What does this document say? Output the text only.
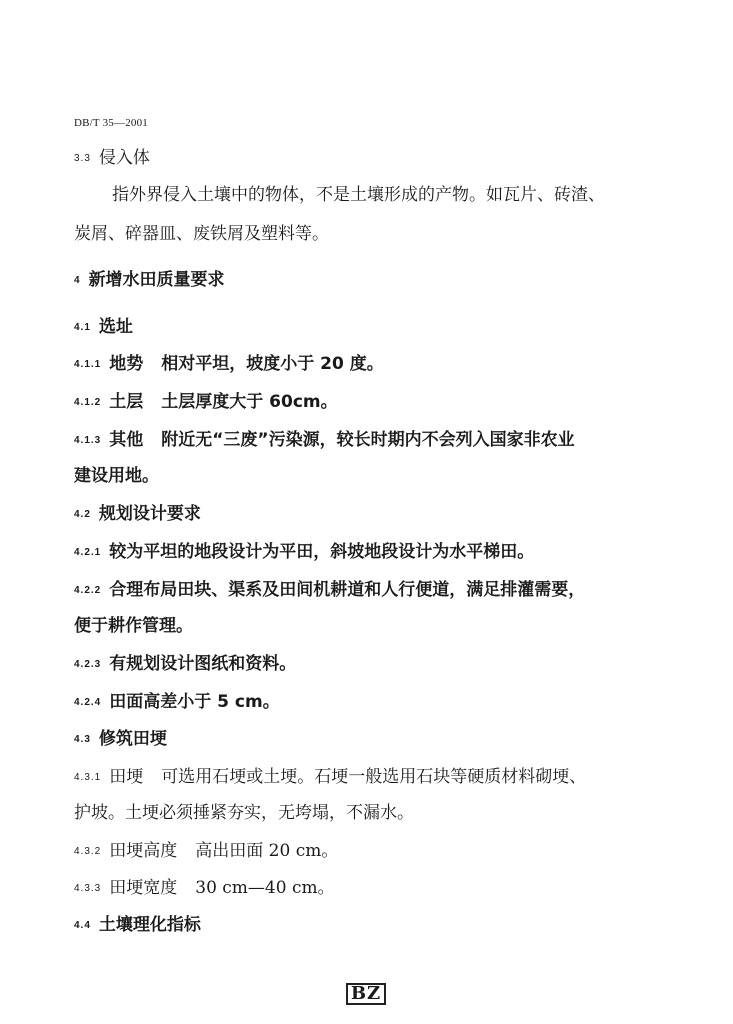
DB/T 35—2001
3.3 侵入体
指外界侵入土壤中的物体，不是土壤形成的产物。如瓦片、砖渣、
炭屑、碎器皿、废铁屑及塑料等。
4 新增水田质量要求
4.1 选址
4.1.1 地势 相对平坦，坡度小于 20 度。
4.1.2 土层 土层厚度大于 60cm。
4.1.3 其他 附近无“三废”污染源，较长时期内不会列入国家非农业
建设用地。
4.2 规划设计要求
4.2.1 较为平坦的地段设计为平田，斜坡地段设计为水平梯田。
4.2.2 合理布局田块、渠系及田间机耕道和人行便道，满足排灌需要，
便于耕作管理。
4.2.3 有规划设计图纸和资料。
4.2.4 田面高差小于 5 cm。
4.3 修筑田埂
4.3.1 田埂 可选用石埂或土埂。石埂一般选用石块等硬质材料砌埂、
护坡。土埂必须捶紧夯实，无垮塌，不漏水。
4.3.2 田埂高度 高出田面 20 cm。
4.3.3 田埂宽度 30 cm—40 cm。
4.4 土壤理化指标
BZ
